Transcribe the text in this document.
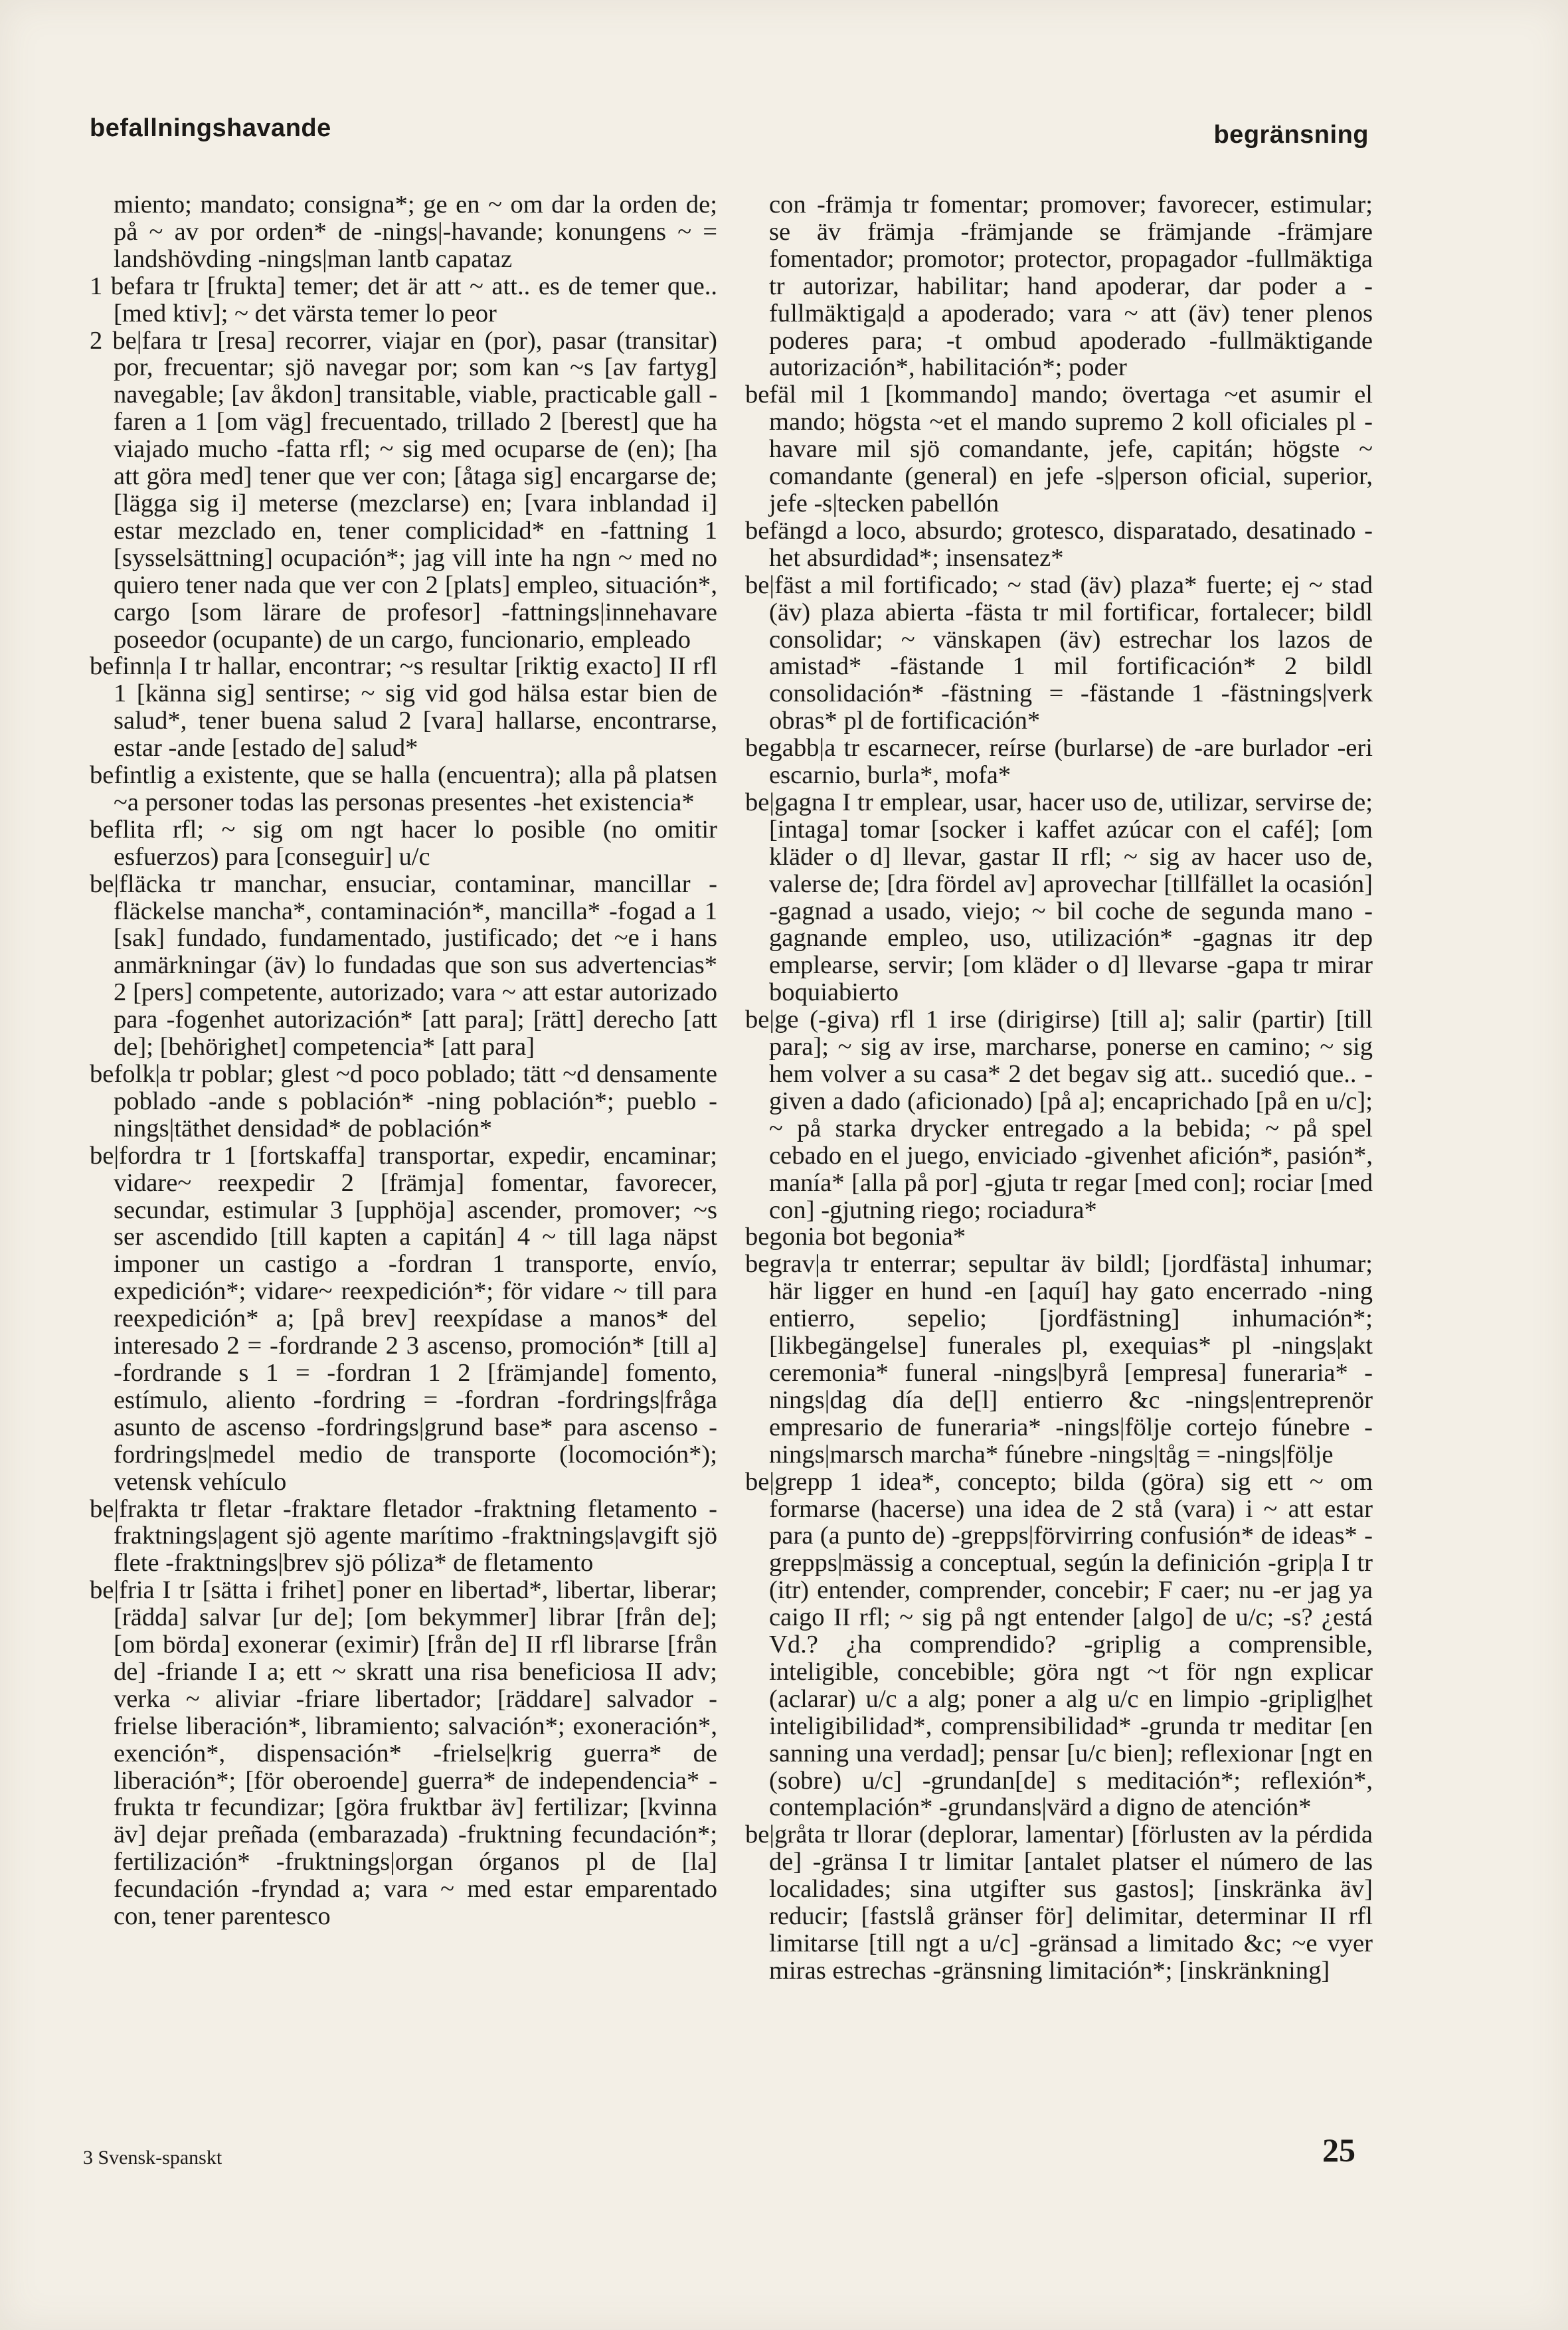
befallningshavande	begränsning

miento; mandato; consigna*; ge en ~ om dar la orden de; på ~ av por orden* de -nings|-havande; konungens ~ = landshövding -nings|man lantb capataz

1 befara tr [frukta] temer; det är att ~ att.. es de temer que.. [med ktiv]; ~ det värsta temer lo peor

2 be|fara tr [resa] recorrer, viajar en (por), pasar (transitar) por, frecuentar; sjö navegar por; som kan ~s [av fartyg] navegable; [av åkdon] transitable, viable, practicable gall -faren a 1 [om väg] frecuentado, trillado 2 [berest] que ha viajado mucho -fatta rfl; ~ sig med ocuparse de (en); [ha att göra med] tener que ver con; [åtaga sig] encargarse de; [lägga sig i] meterse (mezclarse) en; [vara inblandad i] estar mezclado en, tener complicidad* en -fattning 1 [sysselsättning] ocupación*; jag vill inte ha ngn ~ med no quiero tener nada que ver con 2 [plats] empleo, situación*, cargo [som lärare de profesor] -fattnings|innehavare poseedor (ocupante) de un cargo, funcionario, empleado

befinn|a I tr hallar, encontrar; ~s resultar [riktig exacto] II rfl 1 [känna sig] sentirse; ~ sig vid god hälsa estar bien de salud*, tener buena salud 2 [vara] hallarse, encontrarse, estar -ande [estado de] salud*

befintlig a existente, que se halla (encuentra); alla på platsen ~a personer todas las personas presentes -het existencia*

beflita rfl; ~ sig om ngt hacer lo posible (no omitir esfuerzos) para [conseguir] u/c

be|fläcka tr manchar, ensuciar, contaminar, mancillar -fläckelse mancha*, contaminación*, mancilla* -fogad a 1 [sak] fundado, fundamentado, justificado; det ~e i hans anmärkningar (äv) lo fundadas que son sus advertencias* 2 [pers] competente, autorizado; vara ~ att estar autorizado para -fogenhet autorización* [att para]; [rätt] derecho [att de]; [behörighet] competencia* [att para]

befolk|a tr poblar; glest ~d poco poblado; tätt ~d densamente poblado -ande s población* -ning población*; pueblo -nings|täthet densidad* de población*

be|fordra tr 1 [fortskaffa] transportar, expedir, encaminar; vidare~ reexpedir 2 [främja] fomentar, favorecer, secundar, estimular 3 [upphöja] ascender, promover; ~s ser ascendido [till kapten a capitán] 4 ~ till laga näpst imponer un castigo a -fordran 1 transporte, envío, expedición*; vidare~ reexpedición*; för vidare ~ till para reexpedición* a; [på brev] reexpídase a manos* del interesado 2 = -fordrande 2 3 ascenso, promoción* [till a] -fordrande s 1 = -fordran 1 2 [främjande] fomento, estímulo, aliento -fordring = -fordran -fordrings|fråga asunto de ascenso -fordrings|grund base* para ascenso -fordrings|medel medio de transporte (locomoción*); vetensk vehículo

be|frakta tr fletar -fraktare fletador -fraktning fletamento -fraktnings|agent sjö agente marítimo -fraktnings|avgift sjö flete -fraktnings|brev sjö póliza* de fletamento

be|fria I tr [sätta i frihet] poner en libertad*, libertar, liberar; [rädda] salvar [ur de]; [om bekymmer] librar [från de]; [om börda] exonerar (eximir) [från de] II rfl librarse [från de] -friande I a; ett ~ skratt una risa beneficiosa II adv; verka ~ aliviar -friare libertador; [räddare] salvador -frielse liberación*, libramiento; salvación*; exoneración*, exención*, dispensación* -frielse|krig guerra* de liberación*; [för oberoende] guerra* de independencia* -frukta tr fecundizar; [göra fruktbar äv] fertilizar; [kvinna äv] dejar preñada (embarazada) -fruktning fecundación*; fertilización* -fruktnings|organ órganos pl de [la] fecundación -fryndad a; vara ~ med estar emparentado con, tener parentesco

con -främja tr fomentar; promover; favorecer, estimular; se äv främja -främjande se främjande -främjare fomentador; promotor; protector, propagador -fullmäktiga tr autorizar, habilitar; hand apoderar, dar poder a -fullmäktiga|d a apoderado; vara ~ att (äv) tener plenos poderes para; -t ombud apoderado -fullmäktigande autorización*, habilitación*; poder

befäl mil 1 [kommando] mando; övertaga ~et asumir el mando; högsta ~et el mando supremo 2 koll oficiales pl -havare mil sjö comandante, jefe, capitán; högste ~ comandante (general) en jefe -s|person oficial, superior, jefe -s|tecken pabellón

befängd a loco, absurdo; grotesco, disparatado, desatinado -het absurdidad*; insensatez*

be|fäst a mil fortificado; ~ stad (äv) plaza* fuerte; ej ~ stad (äv) plaza abierta -fästa tr mil fortificar, fortalecer; bildl consolidar; ~ vänskapen (äv) estrechar los lazos de amistad* -fästande 1 mil fortificación* 2 bildl consolidación* -fästning = -fästande 1 -fästnings|verk obras* pl de fortificación*

begabb|a tr escarnecer, reírse (burlarse) de -are burlador -eri escarnio, burla*, mofa*

be|gagna I tr emplear, usar, hacer uso de, utilizar, servirse de; [intaga] tomar [socker i kaffet azúcar con el café]; [om kläder o d] llevar, gastar II rfl; ~ sig av hacer uso de, valerse de; [dra fördel av] aprovechar [tillfället la ocasión] -gagnad a usado, viejo; ~ bil coche de segunda mano -gagnande empleo, uso, utilización* -gagnas itr dep emplearse, servir; [om kläder o d] llevarse -gapa tr mirar boquiabierto

be|ge (-giva) rfl 1 irse (dirigirse) [till a]; salir (partir) [till para]; ~ sig av irse, marcharse, ponerse en camino; ~ sig hem volver a su casa* 2 det begav sig att.. sucedió que.. -given a dado (aficionado) [på a]; encaprichado [på en u/c]; ~ på starka drycker entregado a la bebida; ~ på spel cebado en el juego, enviciado -givenhet afición*, pasión*, manía* [alla på por] -gjuta tr regar [med con]; rociar [med con] -gjutning riego; rociadura*

begonia bot begonia*

begrav|a tr enterrar; sepultar äv bildl; [jordfästa] inhumar; här ligger en hund -en [aquí] hay gato encerrado -ning entierro, sepelio; [jordfästning] inhumación*; [likbegängelse] funerales pl, exequias* pl -nings|akt ceremonia* funeral -nings|byrå [empresa] funeraria* -nings|dag día de[l] entierro &c -nings|entreprenör empresario de funeraria* -nings|följe cortejo fúnebre -nings|marsch marcha* fúnebre -nings|tåg = -nings|följe

be|grepp 1 idea*, concepto; bilda (göra) sig ett ~ om formarse (hacerse) una idea de 2 stå (vara) i ~ att estar para (a punto de) -grepps|förvirring confusión* de ideas* -grepps|mässig a conceptual, según la definición -grip|a I tr (itr) entender, comprender, concebir; F caer; nu -er jag ya caigo II rfl; ~ sig på ngt entender [algo] de u/c; -s? ¿está Vd.? ¿ha comprendido? -griplig a comprensible, inteligible, concebible; göra ngt ~t för ngn explicar (aclarar) u/c a alg; poner a alg u/c en limpio -griplig|het inteligibilidad*, comprensibilidad* -grunda tr meditar [en sanning una verdad]; pensar [u/c bien]; reflexionar [ngt en (sobre) u/c] -grundan[de] s meditación*; reflexión*, contemplación* -grundans|värd a digno de atención*

be|gråta tr llorar (deplorar, lamentar) [förlusten av la pérdida de] -gränsa I tr limitar [antalet platser el número de las localidades; sina utgifter sus gastos]; [inskränka äv] reducir; [fastslå gränser för] delimitar, determinar II rfl limitarse [till ngt a u/c] -gränsad a limitado &c; ~e vyer miras estrechas -gränsning limitación*; [inskränkning]

3 Svensk-spanskt	25
